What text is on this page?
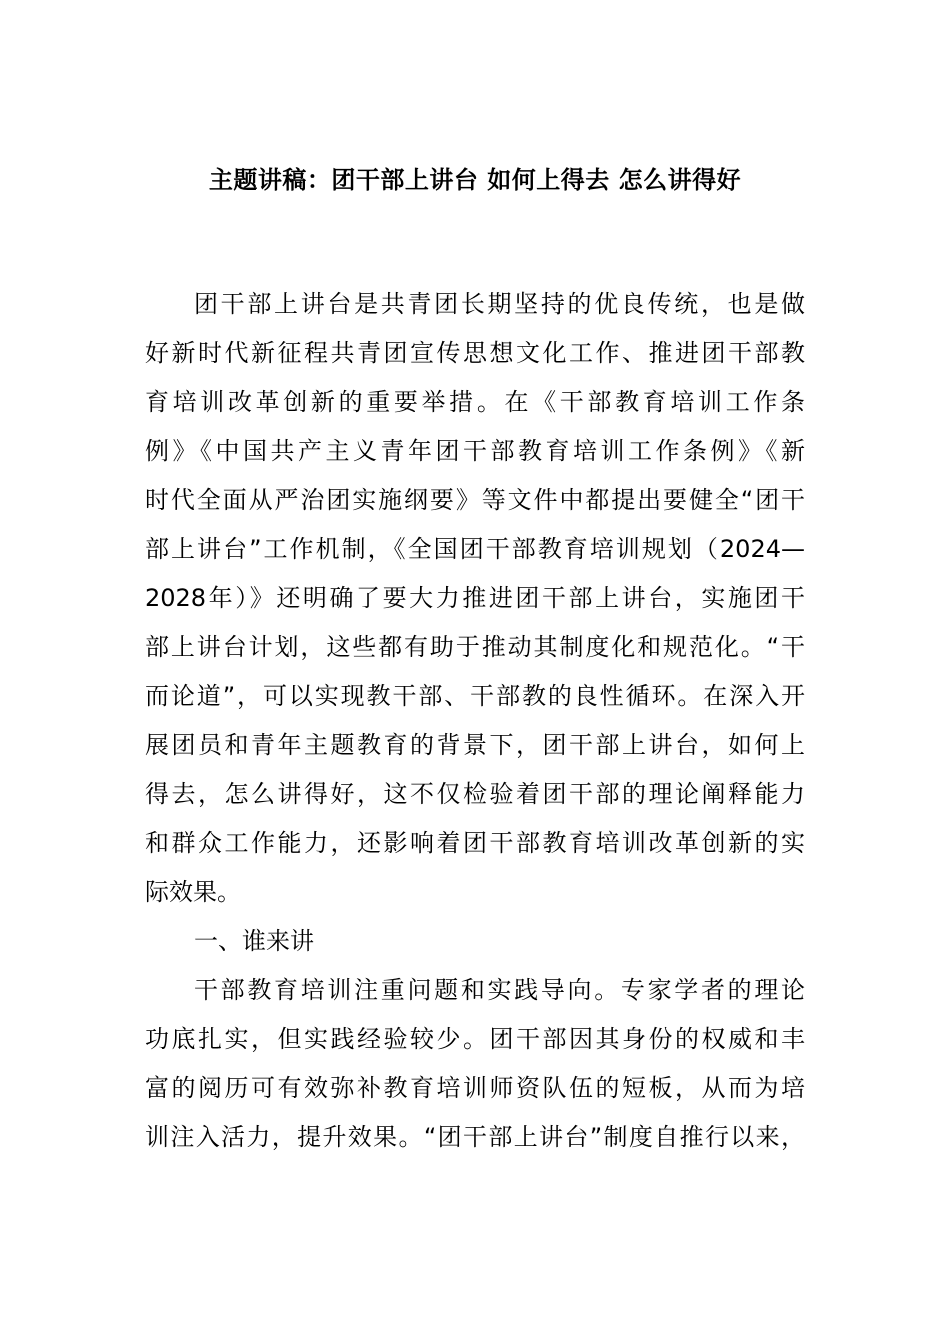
主题讲稿：团干部上讲台 如何上得去 怎么讲得好
团干部上讲台是共青团长期坚持的优良传统，也是做
好新时代新征程共青团宣传思想文化工作、推进团干部教
育培训改革创新的重要举措。在《干部教育培训工作条
例》《中国共产主义青年团干部教育培训工作条例》《新
时代全面从严治团实施纲要》等文件中都提出要健全“团干
部上讲台”工作机制，《全国团干部教育培训规划（2024—
2028年）》还明确了要大力推进团干部上讲台，实施团干
部上讲台计划，这些都有助于推动其制度化和规范化。“干
而论道”，可以实现教干部、干部教的良性循环。在深入开
展团员和青年主题教育的背景下，团干部上讲台，如何上
得去，怎么讲得好，这不仅检验着团干部的理论阐释能力
和群众工作能力，还影响着团干部教育培训改革创新的实
际效果。
一、谁来讲
干部教育培训注重问题和实践导向。专家学者的理论
功底扎实，但实践经验较少。团干部因其身份的权威和丰
富的阅历可有效弥补教育培训师资队伍的短板，从而为培
训注入活力，提升效果。“团干部上讲台”制度自推行以来，
